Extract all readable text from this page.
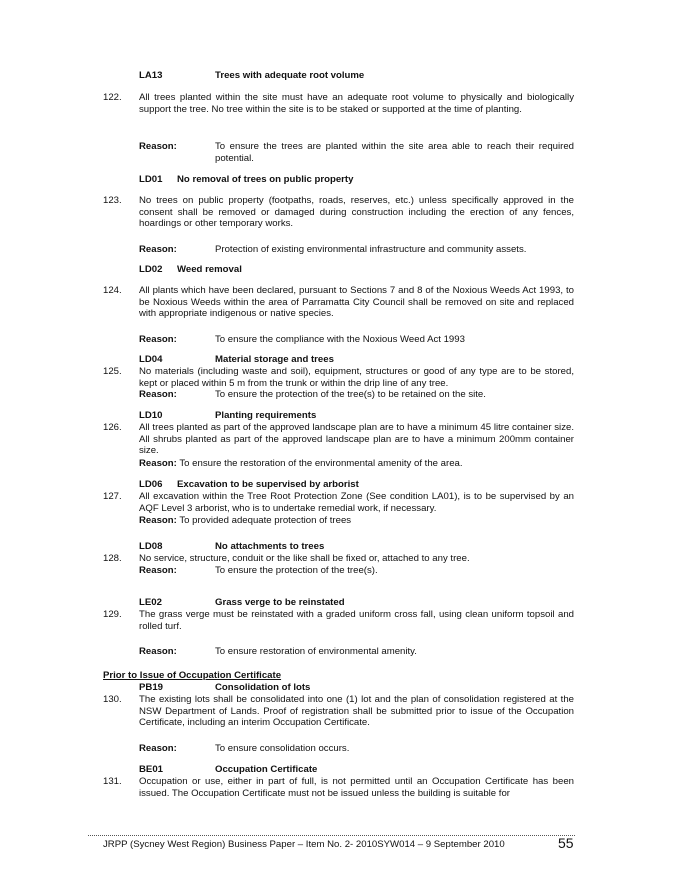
LA13	Trees with adequate root volume
122. All trees planted within the site must have an adequate root volume to physically and biologically support the tree. No tree within the site is to be staked or supported at the time of planting.
Reason:	To ensure the trees are planted within the site area able to reach their required potential.
LD01 No removal of trees on public property
123. No trees on public property (footpaths, roads, reserves, etc.) unless specifically approved in the consent shall be removed or damaged during construction including the erection of any fences, hoardings or other temporary works.
Reason:	Protection of existing environmental infrastructure and community assets.
LD02 Weed removal
124. All plants which have been declared, pursuant to Sections 7 and 8 of the Noxious Weeds Act 1993, to be Noxious Weeds within the area of Parramatta City Council shall be removed on site and replaced with appropriate indigenous or native species.
Reason:	To ensure the compliance with the Noxious Weed Act 1993
LD04	Material storage and trees
125. No materials (including waste and soil), equipment, structures or good of any type are to be stored, kept or placed within 5 m from the trunk or within the drip line of any tree.
Reason:	To ensure the protection of the tree(s) to be retained on the site.
LD10	Planting requirements
126. All trees planted as part of the approved landscape plan are to have a minimum 45 litre container size. All shrubs planted as part of the approved landscape plan are to have a minimum 200mm container size.
Reason: To ensure the restoration of the environmental amenity of the area.
LD06 Excavation to be supervised by arborist
127. All excavation within the Tree Root Protection Zone (See condition LA01), is to be supervised by an AQF Level 3 arborist, who is to undertake remedial work, if necessary.
Reason: To provided adequate protection of trees
LD08	No attachments to trees
128. No service, structure, conduit or the like shall be fixed or, attached to any tree.
Reason:	To ensure the protection of the tree(s).
LE02	Grass verge to be reinstated
129. The grass verge must be reinstated with a graded uniform cross fall, using clean uniform topsoil and rolled turf.
Reason:	To ensure restoration of environmental amenity.
Prior to Issue of Occupation Certificate
PB19	Consolidation of lots
130. The existing lots shall be consolidated into one (1) lot and the plan of consolidation registered at the NSW Department of Lands. Proof of registration shall be submitted prior to issue of the Occupation Certificate, including an interim Occupation Certificate.
Reason:	To ensure consolidation occurs.
BE01	Occupation Certificate
131. Occupation or use, either in part of full, is not permitted until an Occupation Certificate has been issued. The Occupation Certificate must not be issued unless the building is suitable for
JRPP (Sycney West Region) Business Paper – Item No. 2- 2010SYW014 – 9 September 2010	55
